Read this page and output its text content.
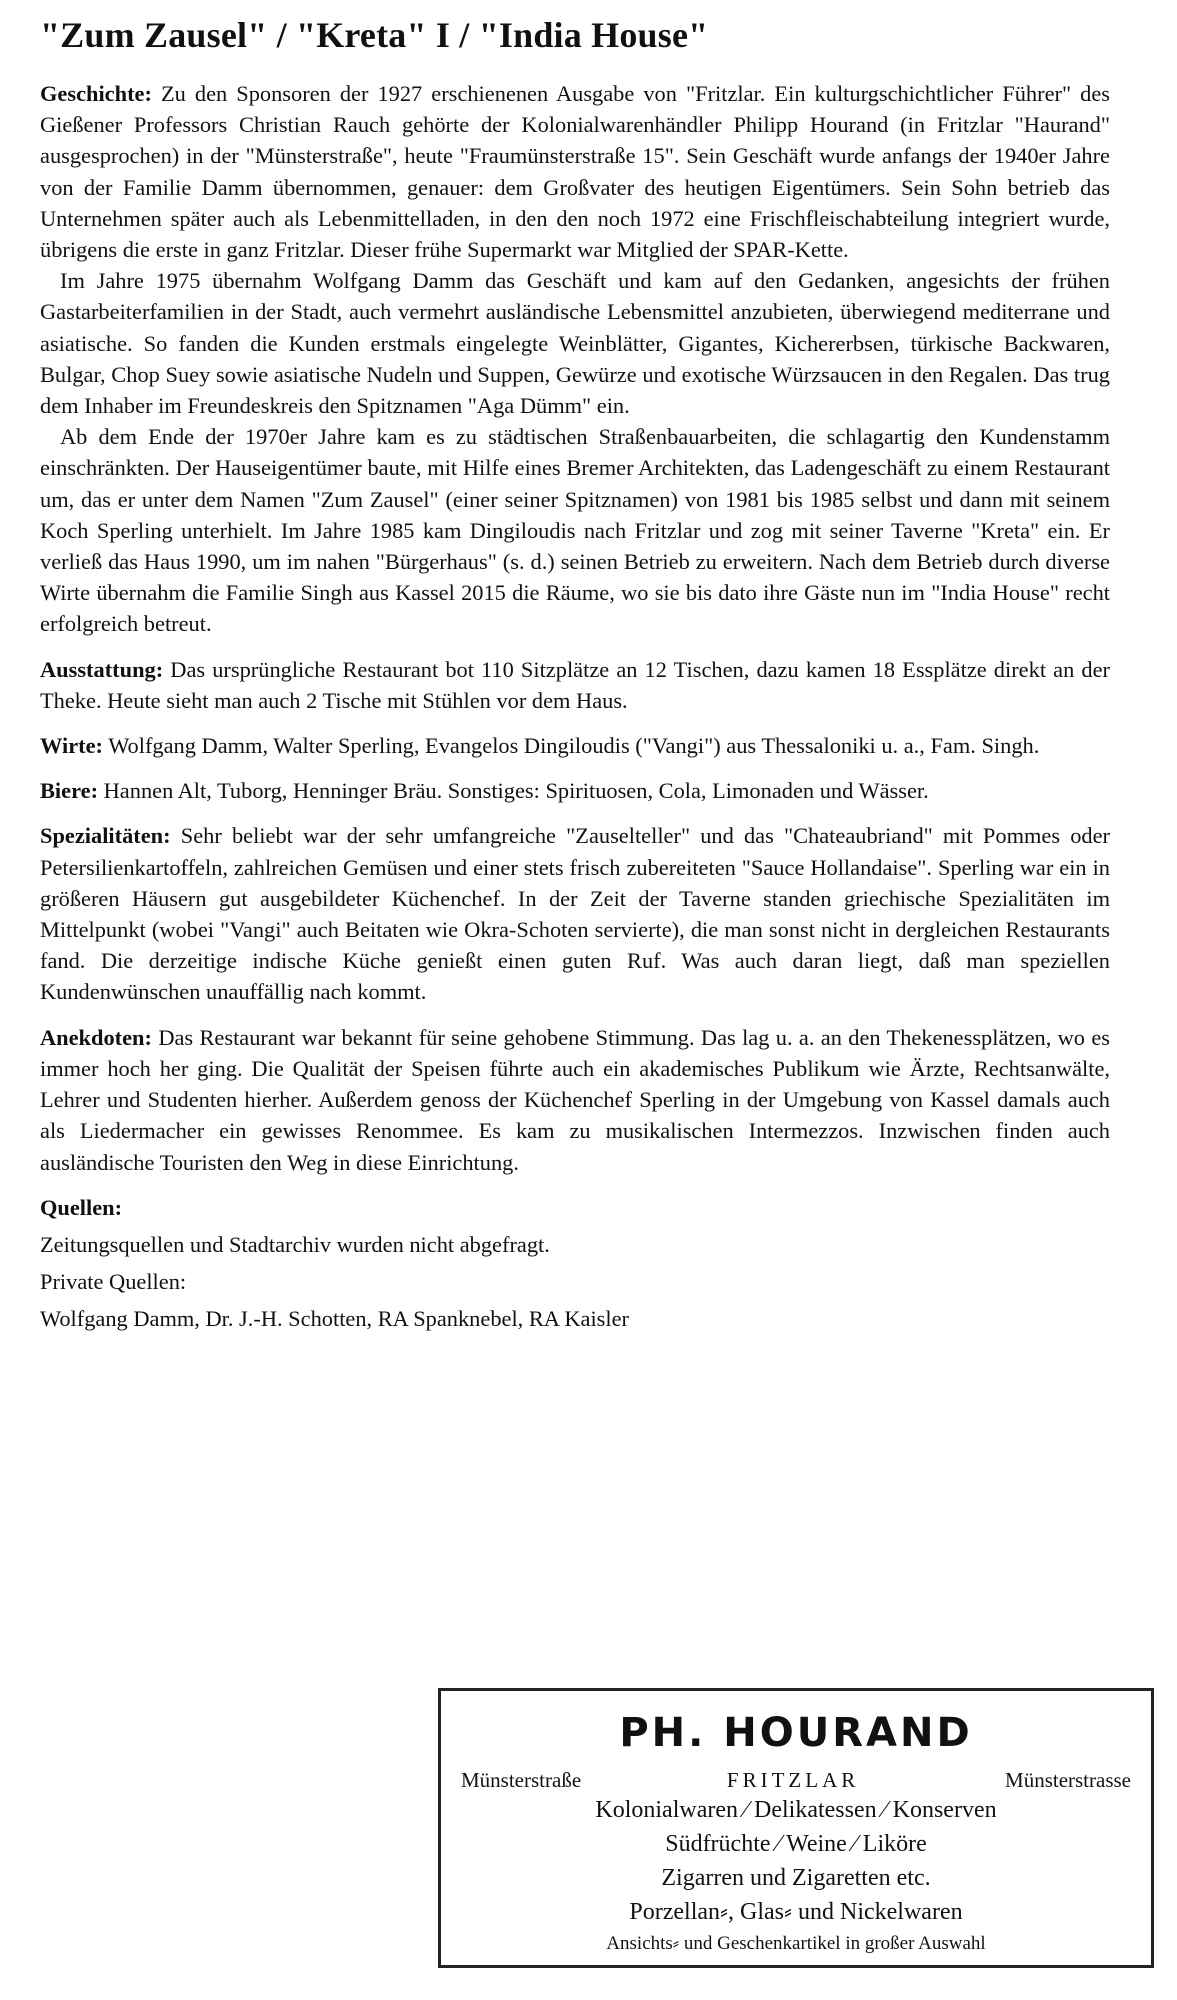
"Zum Zausel" / "Kreta" I / "India House"

Geschichte: Zu den Sponsoren der 1927 erschienenen Ausgabe von "Fritzlar. Ein kulturgschichtlicher Führer" des Gießener Professors Christian Rauch gehörte der Kolonialwarenhändler Philipp Hourand (in Fritzlar "Haurand" ausgesprochen) in der "Münsterstraße", heute "Fraumünsterstraße 15". Sein Geschäft wurde anfangs der 1940er Jahre von der Familie Damm übernommen, genauer: dem Großvater des heutigen Eigentümers. Sein Sohn betrieb das Unternehmen später auch als Lebenmittelladen, in den den noch 1972 eine Frischfleischabteilung integriert wurde, übrigens die erste in ganz Fritzlar. Dieser frühe Supermarkt war Mitglied der SPAR-Kette.

Im Jahre 1975 übernahm Wolfgang Damm das Geschäft und kam auf den Gedanken, angesichts der frühen Gastarbeiterfamilien in der Stadt, auch vermehrt ausländische Lebensmittel anzubieten, überwiegend mediterrane und asiatische. So fanden die Kunden erstmals eingelegte Weinblätter, Gigantes, Kichererbsen, türkische Backwaren, Bulgar, Chop Suey sowie asiatische Nudeln und Suppen, Gewürze und exotische Würzsaucen in den Regalen. Das trug dem Inhaber im Freundeskreis den Spitznamen "Aga Dümm" ein.

Ab dem Ende der 1970er Jahre kam es zu städtischen Straßenbauarbeiten, die schlagartig den Kundenstamm einschränkten. Der Hauseigentümer baute, mit Hilfe eines Bremer Architekten, das Ladengeschäft zu einem Restaurant um, das er unter dem Namen "Zum Zausel" (einer seiner Spitznamen) von 1981 bis 1985 selbst und dann mit seinem Koch Sperling unterhielt. Im Jahre 1985 kam Dingiloudis nach Fritzlar und zog mit seiner Taverne "Kreta" ein. Er verließ das Haus 1990, um im nahen "Bürgerhaus" (s. d.) seinen Betrieb zu erweitern. Nach dem Betrieb durch diverse Wirte übernahm die Familie Singh aus Kassel 2015 die Räume, wo sie bis dato ihre Gäste nun im "India House" recht erfolgreich betreut.

Ausstattung: Das ursprüngliche Restaurant bot 110 Sitzplätze an 12 Tischen, dazu kamen 18 Essplätze direkt an der Theke. Heute sieht man auch 2 Tische mit Stühlen vor dem Haus.

Wirte: Wolfgang Damm, Walter Sperling, Evangelos Dingiloudis ("Vangi") aus Thessaloniki u. a., Fam. Singh.

Biere: Hannen Alt, Tuborg, Henninger Bräu. Sonstiges: Spirituosen, Cola, Limonaden und Wässer.

Spezialitäten: Sehr beliebt war der sehr umfangreiche "Zauselteller" und das "Chateaubriand" mit Pommes oder Petersilienkartoffeln, zahlreichen Gemüsen und einer stets frisch zubereiteten "Sauce Hollandaise". Sperling war ein in größeren Häusern gut ausgebildeter Küchenchef. In der Zeit der Taverne standen griechische Spezialitäten im Mittelpunkt (wobei "Vangi" auch Beitaten wie Okra-Schoten servierte), die man sonst nicht in dergleichen Restaurants fand. Die derzeitige indische Küche genießt einen guten Ruf. Was auch daran liegt, daß man speziellen Kundenwünschen unauffällig nach kommt.

Anekdoten: Das Restaurant war bekannt für seine gehobene Stimmung. Das lag u. a. an den Thekenessplätzen, wo es immer hoch her ging. Die Qualität der Speisen führte auch ein akademisches Publikum wie Ärzte, Rechtsanwälte, Lehrer und Studenten hierher. Außerdem genoss der Küchenchef Sperling in der Umgebung von Kassel damals auch als Liedermacher ein gewisses Renommee. Es kam zu musikalischen Intermezzos. Inzwischen finden auch ausländische Touristen den Weg in diese Einrichtung.

Quellen:
Zeitungsquellen und Stadtarchiv wurden nicht abgefragt.
Private Quellen:
Wolfgang Damm, Dr. J.-H. Schotten, RA Spanknebel, RA Kaisler
PH. HOURAND
Münsterstraße	FRITZLAR	Münsterstrasse
Kolonialwaren ⁄ Delikatessen ⁄ Konserven
Südfrüchte ⁄ Weine ⁄ Liköre
Zigarren und Zigaretten etc.
Porzellan⸗, Glas⸗ und Nickelwaren
Ansichts⸗ und Geschenkartikel in großer Auswahl
